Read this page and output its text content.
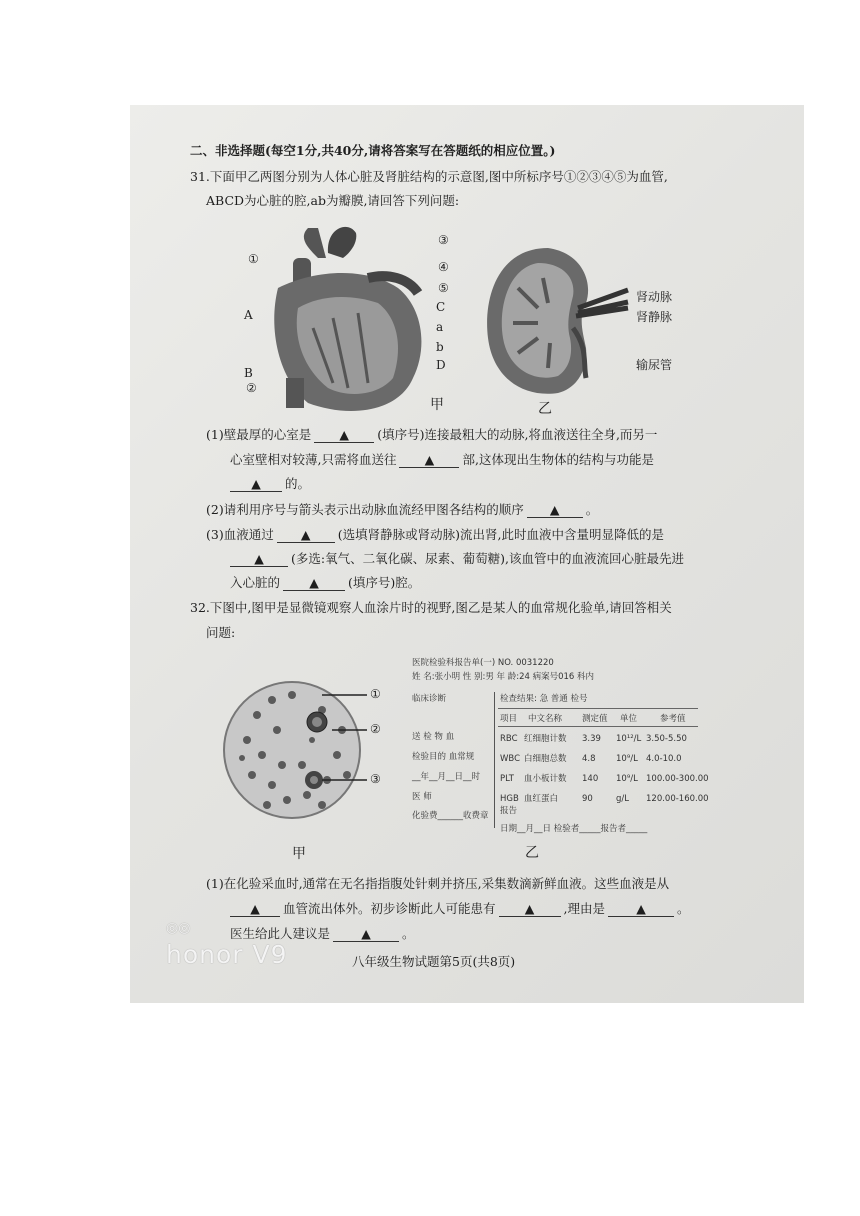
二、非选择题(每空1分,共40分,请将答案写在答题纸的相应位置。)
31.下面甲乙两图分别为人体心脏及肾脏结构的示意图,图中所标序号①②③④⑤为血管,
ABCD为心脏的腔,ab为瓣膜,请回答下列问题:
①
③
④
⑤
C
a
b
D
A
B
②
甲
肾动脉
肾静脉
输尿管
乙
(1)壁最厚的心室是 ▲ (填序号)连接最粗大的动脉,将血液送往全身,而另一
心室壁相对较薄,只需将血送往 ▲ 部,这体现出生物体的结构与功能是
▲ 的。
(2)请利用序号与箭头表示出动脉血流经甲图各结构的顺序 ▲ 。
(3)血液通过 ▲ (选填肾静脉或肾动脉)流出肾,此时血液中含量明显降低的是
▲ (多选:氧气、二氧化碳、尿素、葡萄糖),该血管中的血液流回心脏最先进
入心脏的 ▲ (填序号)腔。
32.下图中,图甲是显微镜观察人血涂片时的视野,图乙是某人的血常规化验单,请回答相关
问题:
①
②
③
甲
医院检验科报告单(一) NO. 0031220
姓 名:张小明 性 别:男 年 龄:24 病案号016 科内
临床诊断
送 检 物 血
检验目的 血常规
__年__月__日__时
医 师
化验费______收费章
检查结果: 急 普通 检号
项目 中文名称 测定值 单位	参考值
RBC 红细胞计数 3.39 10¹²/L 3.50-5.50
WBC 白细胞总数 4.8 10⁹/L 4.0-10.0
PLT 血小板计数 140 10⁹/L 100.00-300.00
HGB 血红蛋白	90	g/L 120.00-160.00
报告
日期__月__日 检验者_____报告者_____
乙
(1)在化验采血时,通常在无名指指腹处针刺并挤压,采集数滴新鲜血液。这些血液是从
▲ 血管流出体外。初步诊断此人可能患有 ▲ ,理由是 ▲ 。
医生给此人建议是 ▲ 。
八年级生物试题第5页(共8页)
◎◎
honor V9
